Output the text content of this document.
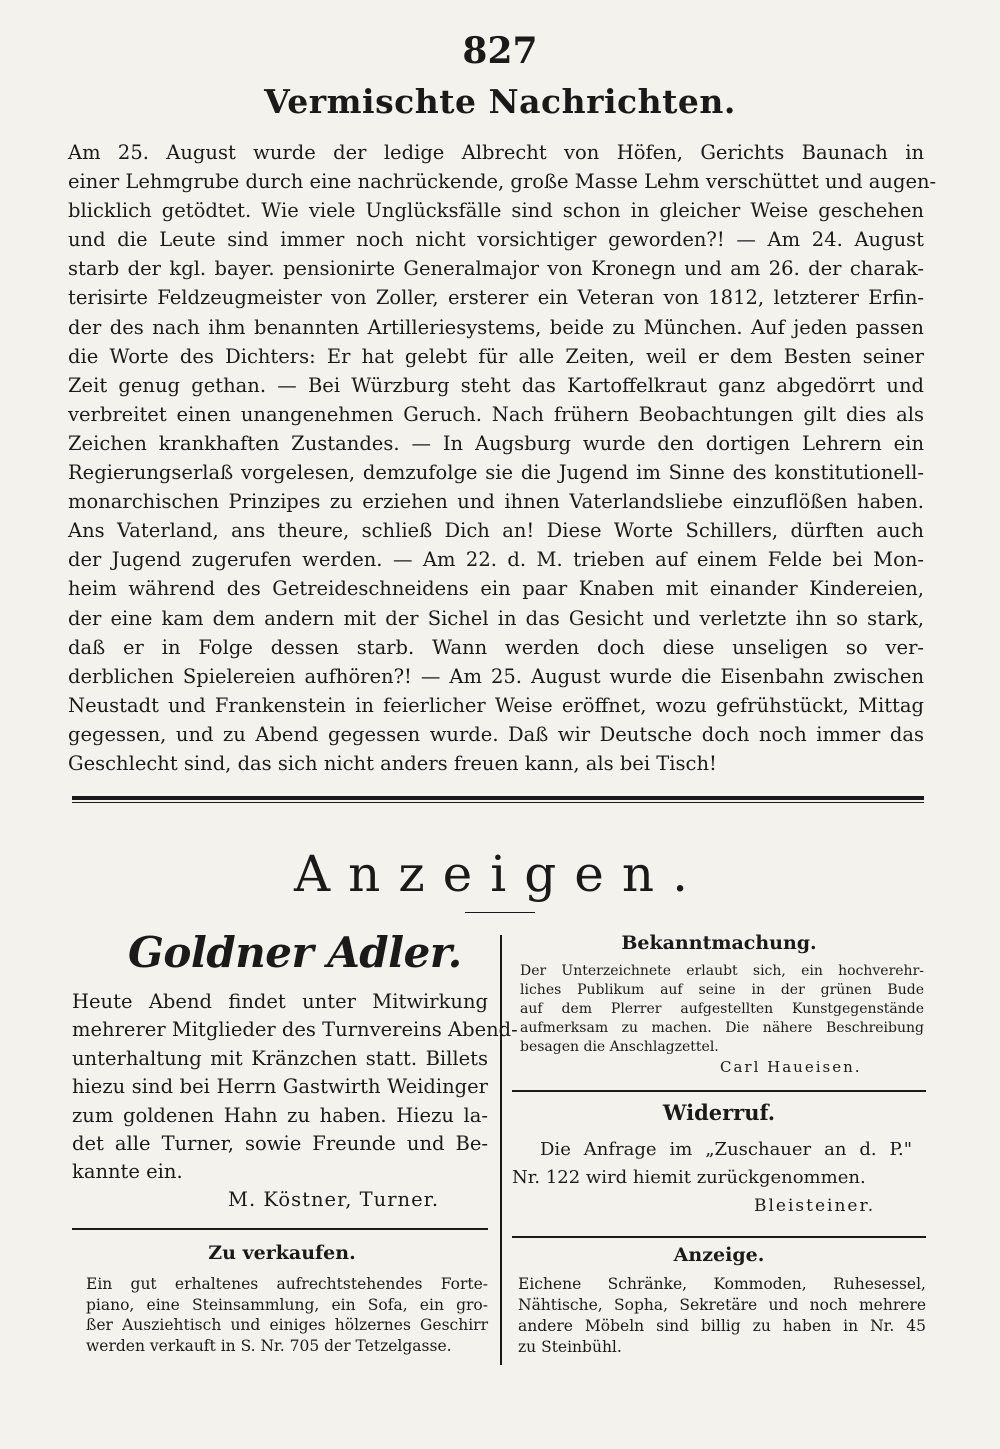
827
Vermischte Nachrichten.
Am 25. August wurde der ledige Albrecht von Höfen, Gerichts Baunach in
einer Lehmgrube durch eine nachrückende, große Masse Lehm verschüttet und augen-
blicklich getödtet. Wie viele Unglücksfälle sind schon in gleicher Weise geschehen
und die Leute sind immer noch nicht vorsichtiger geworden?! — Am 24. August
starb der kgl. bayer. pensionirte Generalmajor von Kronegn und am 26. der charak-
terisirte Feldzeugmeister von Zoller, ersterer ein Veteran von 1812, letzterer Erfin-
der des nach ihm benannten Artilleriesystems, beide zu München. Auf jeden passen
die Worte des Dichters: Er hat gelebt für alle Zeiten, weil er dem Besten seiner
Zeit genug gethan. — Bei Würzburg steht das Kartoffelkraut ganz abgedörrt und
verbreitet einen unangenehmen Geruch. Nach frühern Beobachtungen gilt dies als
Zeichen krankhaften Zustandes. — In Augsburg wurde den dortigen Lehrern ein
Regierungserlaß vorgelesen, demzufolge sie die Jugend im Sinne des konstitutionell-
monarchischen Prinzipes zu erziehen und ihnen Vaterlandsliebe einzuflößen haben.
Ans Vaterland, ans theure, schließ Dich an! Diese Worte Schillers, dürften auch
der Jugend zugerufen werden. — Am 22. d. M. trieben auf einem Felde bei Mon-
heim während des Getreideschneidens ein paar Knaben mit einander Kindereien,
der eine kam dem andern mit der Sichel in das Gesicht und verletzte ihn so stark,
daß er in Folge dessen starb. Wann werden doch diese unseligen so ver-
derblichen Spielereien aufhören?! — Am 25. August wurde die Eisenbahn zwischen
Neustadt und Frankenstein in feierlicher Weise eröffnet, wozu gefrühstückt, Mittag
gegessen, und zu Abend gegessen wurde. Daß wir Deutsche doch noch immer das
Geschlecht sind, das sich nicht anders freuen kann, als bei Tisch!
Anzeigen.
Goldner Adler.
Heute Abend findet unter Mitwirkung
mehrerer Mitglieder des Turnvereins Abend-
unterhaltung mit Kränzchen statt. Billets
hiezu sind bei Herrn Gastwirth Weidinger
zum goldenen Hahn zu haben. Hiezu la-
det alle Turner, sowie Freunde und Be-
kannte ein.
M. Köstner, Turner.
Zu verkaufen.
Ein gut erhaltenes aufrechtstehendes Forte-
piano, eine Steinsammlung, ein Sofa, ein gro-
ßer Ausziehtisch und einiges hölzernes Geschirr
werden verkauft in S. Nr. 705 der Tetzelgasse.
Bekanntmachung.
Der Unterzeichnete erlaubt sich, ein hochverehr-
liches Publikum auf seine in der grünen Bude
auf dem Plerrer aufgestellten Kunstgegenstände
aufmerksam zu machen. Die nähere Beschreibung
besagen die Anschlagzettel.
Carl Haueisen.
Widerruf.
Die Anfrage im „Zuschauer an d. P."
Nr. 122 wird hiemit zurückgenommen.
Bleisteiner.
Anzeige.
Eichene Schränke, Kommoden, Ruhesessel,
Nähtische, Sopha, Sekretäre und noch mehrere
andere Möbeln sind billig zu haben in Nr. 45
zu Steinbühl.
